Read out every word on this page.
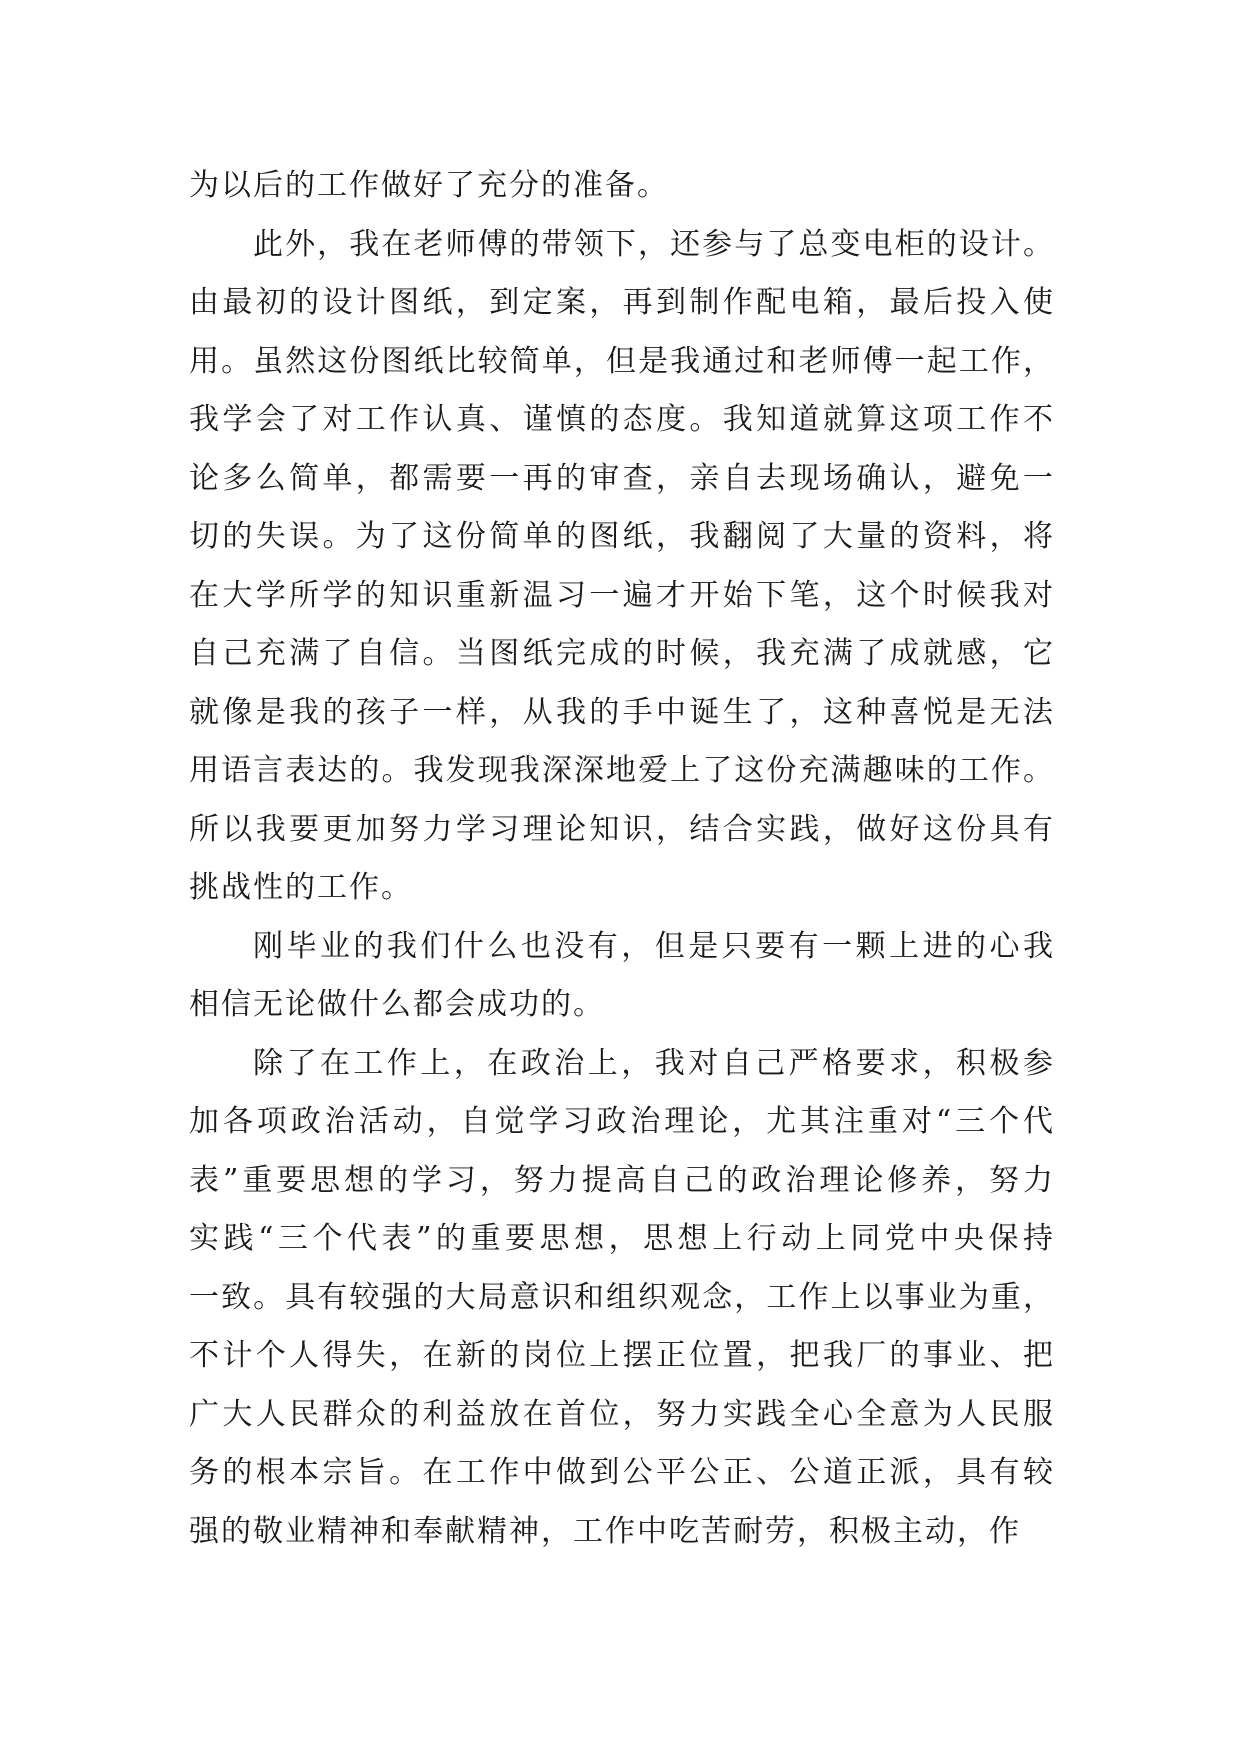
为以后的工作做好了充分的准备。
此外，我在老师傅的带领下，还参与了总变电柜的设计。
由最初的设计图纸，到定案，再到制作配电箱，最后投入使
用。虽然这份图纸比较简单，但是我通过和老师傅一起工作，
我学会了对工作认真、谨慎的态度。我知道就算这项工作不
论多么简单，都需要一再的审查，亲自去现场确认，避免一
切的失误。为了这份简单的图纸，我翻阅了大量的资料，将
在大学所学的知识重新温习一遍才开始下笔，这个时候我对
自己充满了自信。当图纸完成的时候，我充满了成就感，它
就像是我的孩子一样，从我的手中诞生了，这种喜悦是无法
用语言表达的。我发现我深深地爱上了这份充满趣味的工作。
所以我要更加努力学习理论知识，结合实践，做好这份具有
挑战性的工作。
刚毕业的我们什么也没有，但是只要有一颗上进的心我
相信无论做什么都会成功的。
除了在工作上，在政治上，我对自己严格要求，积极参
加各项政治活动，自觉学习政治理论，尤其注重对“三个代
表”重要思想的学习，努力提高自己的政治理论修养，努力
实践“三个代表”的重要思想，思想上行动上同党中央保持
一致。具有较强的大局意识和组织观念，工作上以事业为重，
不计个人得失，在新的岗位上摆正位置，把我厂的事业、把
广大人民群众的利益放在首位，努力实践全心全意为人民服
务的根本宗旨。在工作中做到公平公正、公道正派，具有较
强的敬业精神和奉献精神，工作中吃苦耐劳，积极主动，作
